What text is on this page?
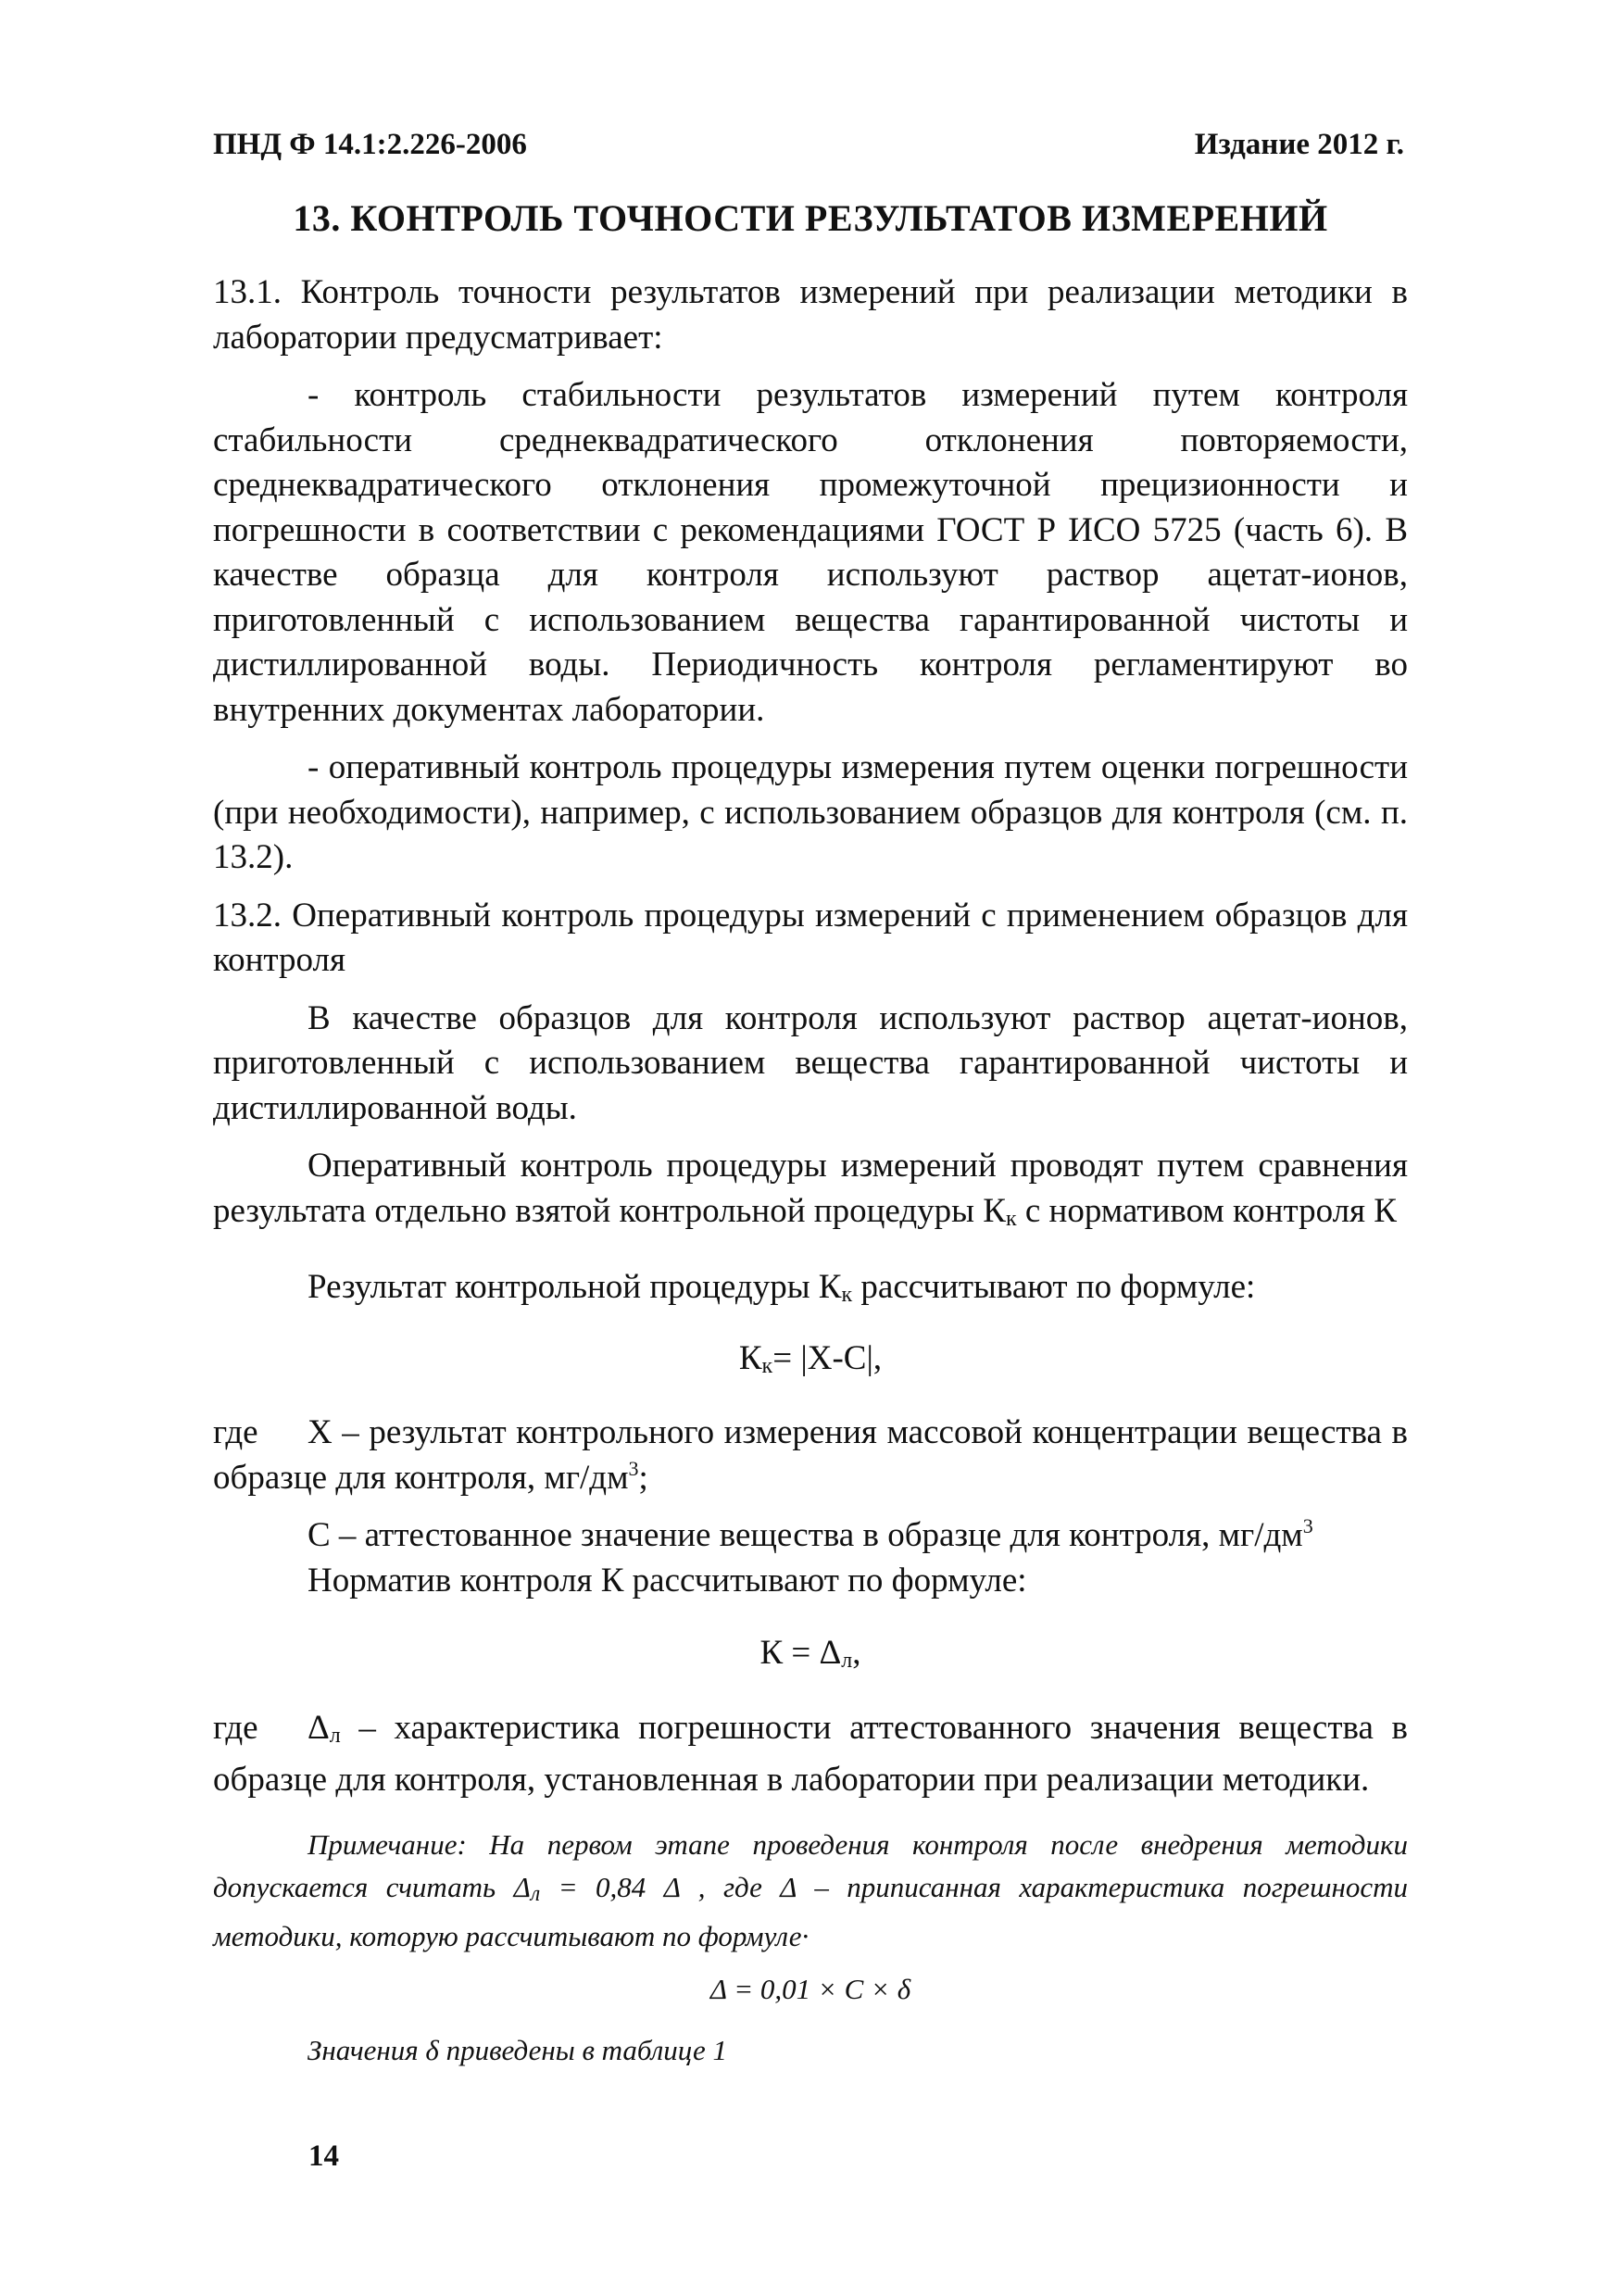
ПНД Ф 14.1:2.226-2006	Издание 2012 г.
13. КОНТРОЛЬ ТОЧНОСТИ РЕЗУЛЬТАТОВ ИЗМЕРЕНИЙ

13.1. Контроль точности результатов измерений при реализации методики в лаборатории предусматривает:

- контроль стабильности результатов измерений путем контроля стабильности среднеквадратического отклонения повторяемости, среднеквадратического отклонения промежуточной прецизионности и погрешности в соответствии с рекомендациями ГОСТ Р ИСО 5725 (часть 6). В качестве образца для контроля используют раствор ацетат-ионов, приготовленный с использованием вещества гарантированной чистоты и дистиллированной воды. Периодичность контроля регламентируют во внутренних документах лаборатории.

- оперативный контроль процедуры измерения путем оценки погрешности (при необходимости), например, с использованием образцов для контроля (см. п. 13.2).

13.2. Оперативный контроль процедуры измерений с применением образцов для контроля

В качестве образцов для контроля используют раствор ацетат-ионов, приготовленный с использованием вещества гарантированной чистоты и дистиллированной воды.

Оперативный контроль процедуры измерений проводят путем сравнения результата отдельно взятой контрольной процедуры $К_к$ с нормативом контроля К

Результат контрольной процедуры $К_к$ рассчитывают по формуле:

$К_к= |X-C|$,

где X – результат контрольного измерения массовой концентрации вещества в образце для контроля, $мг/дм^3$;

С – аттестованное значение вещества в образце для контроля, $мг/дм^3$

Норматив контроля К рассчитывают по формуле:

$К = \Delta_л$,

где $\Delta_л$ – характеристика погрешности аттестованного значения вещества в образце для контроля, установленная в лаборатории при реализации методики.

Примечание: На первом этапе проведения контроля после внедрения методики допускается считать $\Delta_л = 0,84$ Δ , где Δ – приписанная характеристика погрешности методики, которую рассчитывают по формуле·

Δ = 0,01 × C × δ

Значения δ приведены в таблице 1

14
